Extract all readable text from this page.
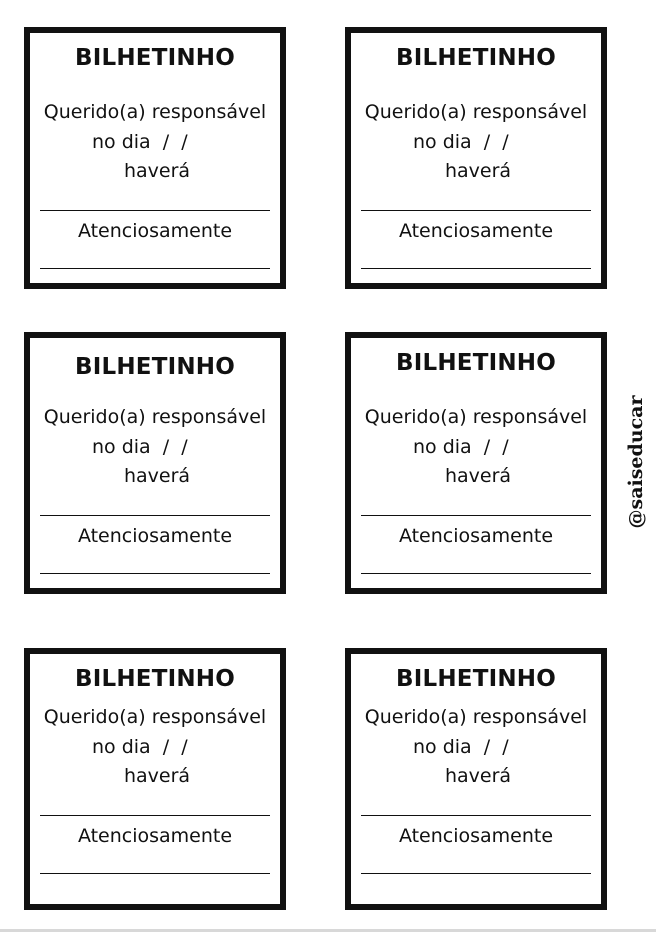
BILHETINHO
Querido(a) responsável
no dia  /  /
haverá
Atenciosamente
BILHETINHO
Querido(a) responsável
no dia  /  /
haverá
Atenciosamente
BILHETINHO
Querido(a) responsável
no dia  /  /
haverá
Atenciosamente
BILHETINHO
Querido(a) responsável
no dia  /  /
haverá
Atenciosamente
BILHETINHO
Querido(a) responsável
no dia  /  /
haverá
Atenciosamente
BILHETINHO
Querido(a) responsável
no dia  /  /
haverá
Atenciosamente
@saiseducar
